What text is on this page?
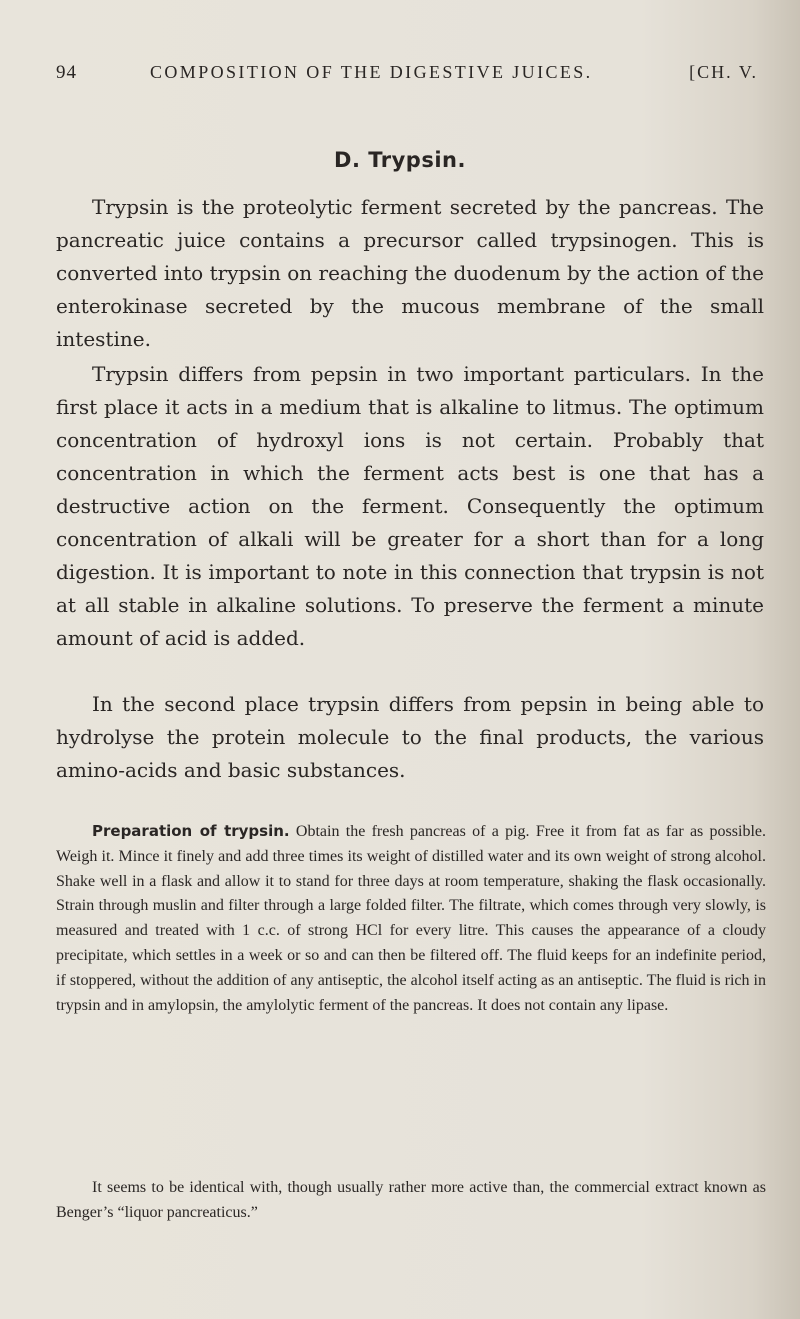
94	COMPOSITION OF THE DIGESTIVE JUICES.	[CH. V.
D. Trypsin.

Trypsin is the proteolytic ferment secreted by the pancreas. The pancreatic juice contains a precursor called trypsinogen. This is converted into trypsin on reaching the duodenum by the action of the enterokinase secreted by the mucous membrane of the small intestine.

Trypsin differs from pepsin in two important particulars. In the first place it acts in a medium that is alkaline to litmus. The optimum concentration of hydroxyl ions is not certain. Probably that concentration in which the ferment acts best is one that has a destructive action on the ferment. Consequently the optimum concentration of alkali will be greater for a short than for a long digestion. It is important to note in this connection that trypsin is not at all stable in alkaline solutions. To preserve the ferment a minute amount of acid is added.

In the second place trypsin differs from pepsin in being able to hydrolyse the protein molecule to the final products, the various amino-acids and basic substances.

Preparation of trypsin. Obtain the fresh pancreas of a pig. Free it from fat as far as possible. Weigh it. Mince it finely and add three times its weight of distilled water and its own weight of strong alcohol. Shake well in a flask and allow it to stand for three days at room temperature, shaking the flask occasionally. Strain through muslin and filter through a large folded filter. The filtrate, which comes through very slowly, is measured and treated with 1 c.c. of strong HCl for every litre. This causes the appearance of a cloudy precipitate, which settles in a week or so and can then be filtered off. The fluid keeps for an indefinite period, if stoppered, without the addition of any antiseptic, the alcohol itself acting as an antiseptic. The fluid is rich in trypsin and in amylopsin, the amylolytic ferment of the pancreas. It does not contain any lipase.

It seems to be identical with, though usually rather more active than, the commercial extract known as Benger’s “liquor pancreaticus.”
